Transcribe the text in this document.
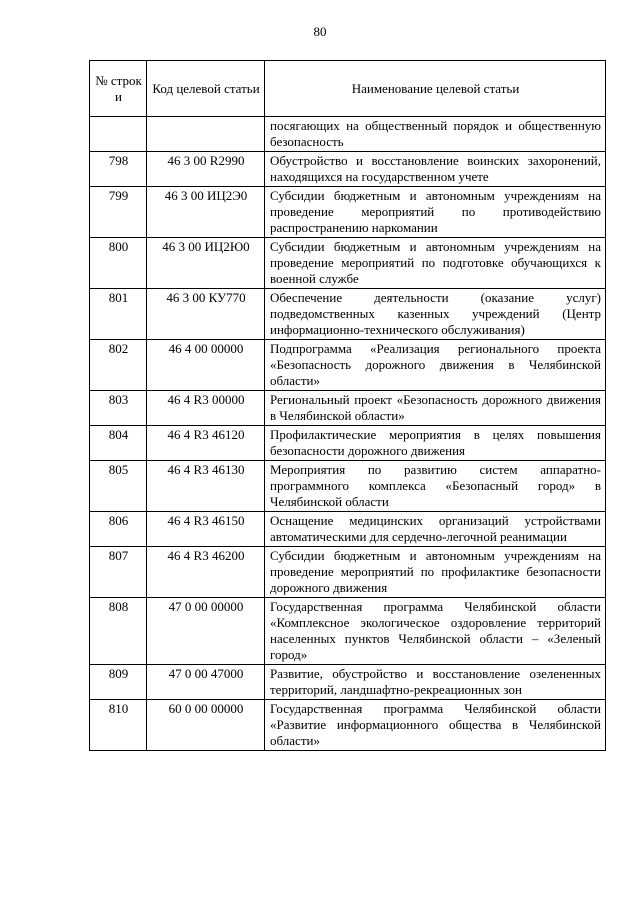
80
№ строк и	Код целевой статьи	Наименование целевой статьи
		посягающих на общественный порядок и общественную безопасность
798	46 3 00 R2990	Обустройство и восстановление воинских захоронений, находящихся на государственном учете
799	46 3 00 ИЦ2Э0	Субсидии бюджетным и автономным учреждениям на проведение мероприятий по противодействию распространению наркомании
800	46 3 00 ИЦ2Ю0	Субсидии бюджетным и автономным учреждениям на проведение мероприятий по подготовке обучающихся к военной службе
801	46 3 00 КУ770	Обеспечение деятельности (оказание услуг) подведомственных казенных учреждений (Центр информационно-технического обслуживания)
802	46 4 00 00000	Подпрограмма «Реализация регионального проекта «Безопасность дорожного движения в Челябинской области»
803	46 4 R3 00000	Региональный проект «Безопасность дорожного движения в Челябинской области»
804	46 4 R3 46120	Профилактические мероприятия в целях повышения безопасности дорожного движения
805	46 4 R3 46130	Мероприятия по развитию систем аппаратно-программного комплекса «Безопасный город» в Челябинской области
806	46 4 R3 46150	Оснащение медицинских организаций устройствами автоматическими для сердечно-легочной реанимации
807	46 4 R3 46200	Субсидии бюджетным и автономным учреждениям на проведение мероприятий по профилактике безопасности дорожного движения
808	47 0 00 00000	Государственная программа Челябинской области «Комплексное экологическое оздоровление территорий населенных пунктов Челябинской области – «Зеленый город»
809	47 0 00 47000	Развитие, обустройство и восстановление озелененных территорий, ландшафтно-рекреационных зон
810	60 0 00 00000	Государственная программа Челябинской области «Развитие информационного общества в Челябинской области»
